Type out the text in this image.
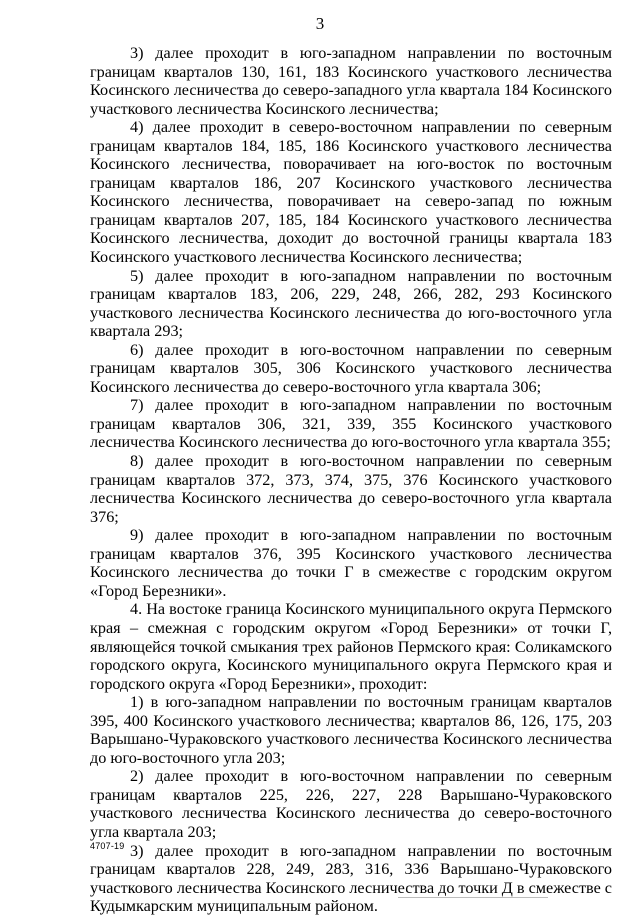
3

3) далее проходит в юго-западном направлении по восточным границам кварталов 130, 161, 183 Косинского участкового лесничества Косинского лесничества до северо-западного угла квартала 184 Косинского участкового лесничества Косинского лесничества;

4) далее проходит в северо-восточном направлении по северным границам кварталов 184, 185, 186 Косинского участкового лесничества Косинского лесничества, поворачивает на юго-восток по восточным границам кварталов 186, 207 Косинского участкового лесничества Косинского лесничества, поворачивает на северо-запад по южным границам кварталов 207, 185, 184 Косинского участкового лесничества Косинского лесничества, доходит до восточной границы квартала 183 Косинского участкового лесничества Косинского лесничества;

5) далее проходит в юго-западном направлении по восточным границам кварталов 183, 206, 229, 248, 266, 282, 293 Косинского участкового лесничества Косинского лесничества до юго-восточного угла квартала 293;

6) далее проходит в юго-восточном направлении по северным границам кварталов 305, 306 Косинского участкового лесничества Косинского лесничества до северо-восточного угла квартала 306;

7) далее проходит в юго-западном направлении по восточным границам кварталов 306, 321, 339, 355 Косинского участкового лесничества Косинского лесничества до юго-восточного угла квартала 355;

8) далее проходит в юго-восточном направлении по северным границам кварталов 372, 373, 374, 375, 376 Косинского участкового лесничества Косинского лесничества до северо-восточного угла квартала 376;

9) далее проходит в юго-западном направлении по восточным границам кварталов 376, 395 Косинского участкового лесничества Косинского лесничества до точки Г в смежестве с городским округом «Город Березники».

4. На востоке граница Косинского муниципального округа Пермского края – смежная с городским округом «Город Березники» от точки Г, являющейся точкой смыкания трех районов Пермского края: Соликамского городского округа, Косинского муниципального округа Пермского края и городского округа «Город Березники», проходит:

1) в юго-западном направлении по восточным границам кварталов 395, 400 Косинского участкового лесничества; кварталов 86, 126, 175, 203 Варышано-Чураковского участкового лесничества Косинского лесничества до юго-восточного угла 203;

2) далее проходит в юго-восточном направлении по северным границам кварталов 225, 226, 227, 228 Варышано-Чураковского участкового лесничества Косинского лесничества до северо-восточного угла квартала 203;

3) далее проходит в юго-западном направлении по восточным границам кварталов 228, 249, 283, 316, 336 Варышано-Чураковского участкового лесничества Косинского лесничества до точки Д в смежестве с Кудымкарским муниципальным районом.

4707-19
